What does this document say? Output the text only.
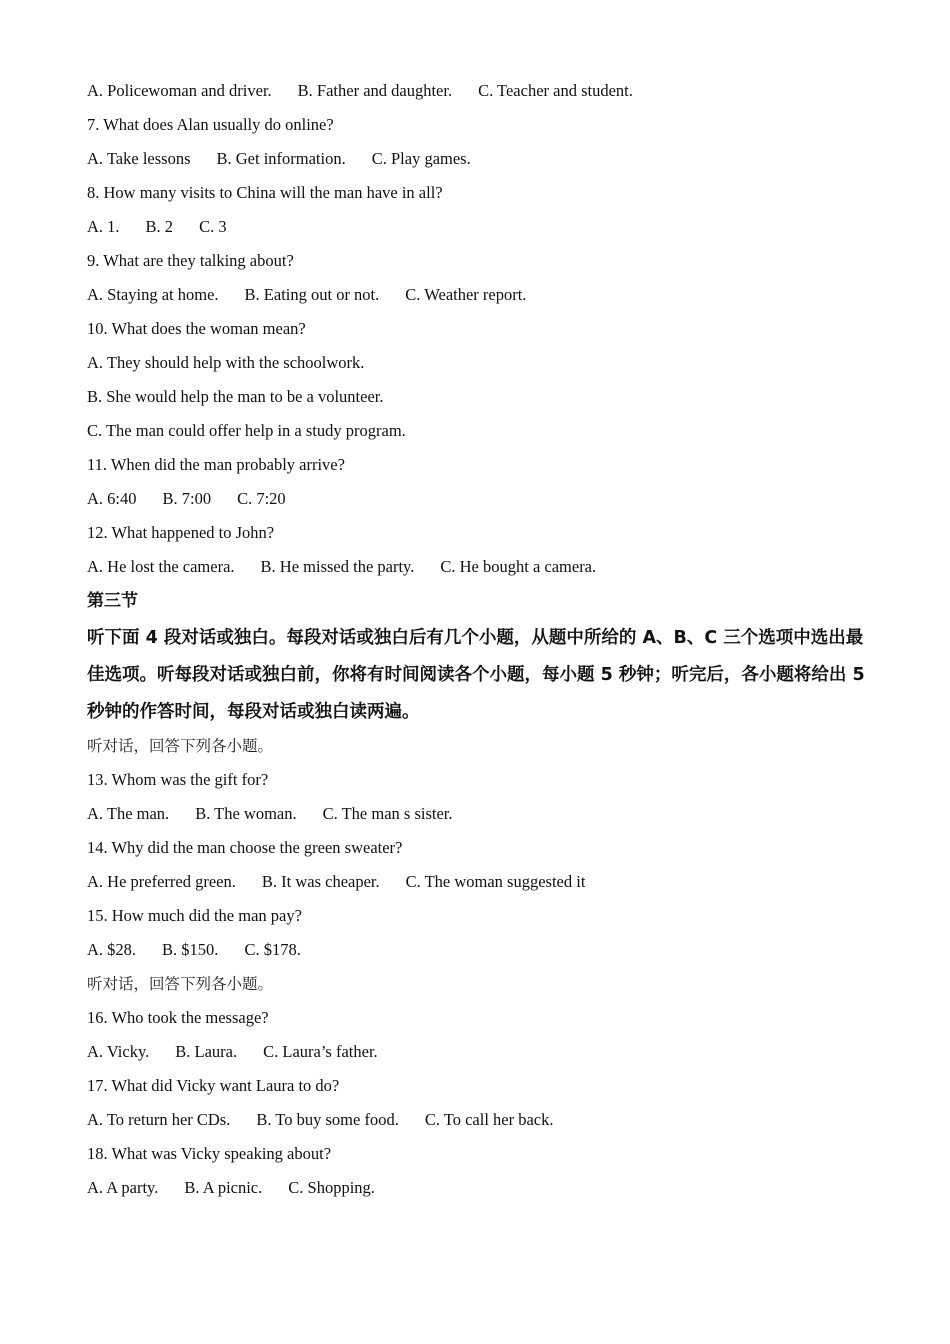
A. Policewoman and driver. B. Father and daughter. C. Teacher and student.
7. What does Alan usually do online?
A. Take lessons B. Get information. C. Play games.
8. How many visits to China will the man have in all?
A. 1. B. 2 C. 3
9. What are they talking about?
A. Staying at home. B. Eating out or not. C. Weather report.
10. What does the woman mean?
A. They should help with the schoolwork.
B. She would help the man to be a volunteer.
C. The man could offer help in a study program.
11. When did the man probably arrive?
A. 6:40 B. 7:00 C. 7:20
12. What happened to John?
A. He lost the camera. B. He missed the party. C. He bought a camera.
第三节
听下面 4 段对话或独白。每段对话或独白后有几个小题，从题中所给的 A、B、C 三个选项中选出最佳选项。听每段对话或独白前，你将有时间阅读各个小题，每小题 5 秒钟；听完后，各小题将给出 5 秒钟的作答时间，每段对话或独白读两遍。
听对话，回答下列各小题。
13. Whom was the gift for?
A. The man. B. The woman. C. The man s sister.
14. Why did the man choose the green sweater?
A. He preferred green. B. It was cheaper. C. The woman suggested it
15. How much did the man pay?
A. $28. B. $150. C. $178.
听对话，回答下列各小题。
16. Who took the message?
A. Vicky. B. Laura. C. Laura’s father.
17. What did Vicky want Laura to do?
A. To return her CDs. B. To buy some food. C. To call her back.
18. What was Vicky speaking about?
A. A party. B. A picnic. C. Shopping.
